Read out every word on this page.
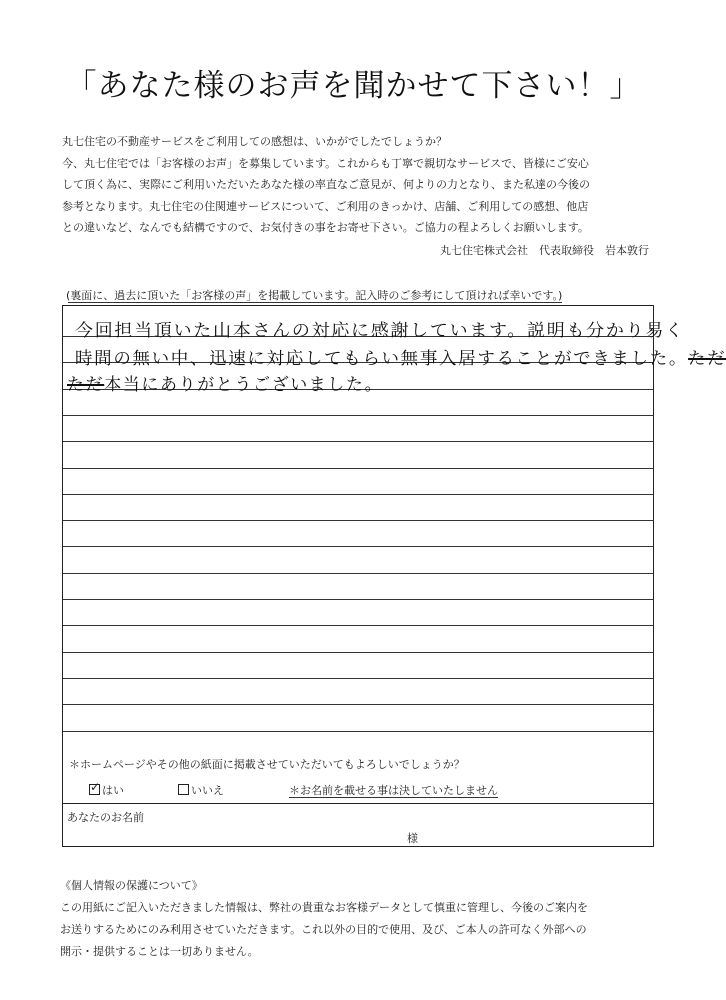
「あなた様のお声を聞かせて下さい！」
丸七住宅の不動産サービスをご利用しての感想は、いかがでしたでしょうか？
今、丸七住宅では「お客様のお声」を募集しています。これからも丁寧で親切なサービスで、皆様にご安心
して頂く為に、実際にご利用いただいたあなた様の率直なご意見が、何よりの力となり、また私達の今後の
参考となります。丸七住宅の住関連サービスについて、ご利用のきっかけ、店舗、ご利用しての感想、他店
との違いなど、なんでも結構ですので、お気付きの事をお寄せ下さい。ご協力の程よろしくお願いします。
丸七住宅株式会社　代表取締役　岩本敦行
(裏面に、過去に頂いた「お客様の声」を掲載しています。記入時のご参考にして頂ければ幸いです。)
今回担当頂いた山本さんの対応に感謝しています。説明も分かり易く
時間の無い中、迅速に対応してもらい無事入居することができました。ただ
ただ本当にありがとうございました。
＊ホームページやその他の紙面に掲載させていただいてもよろしいでしょうか？
✓ はい	いいえ	＊お名前を載せる事は決していたしません
あなたのお名前
様
《個人情報の保護について》
この用紙にご記入いただきました情報は、弊社の貴重なお客様データとして慎重に管理し、今後のご案内を
お送りするためにのみ利用させていただきます。これ以外の目的で使用、及び、ご本人の許可なく外部への
開示・提供することは一切ありません。
